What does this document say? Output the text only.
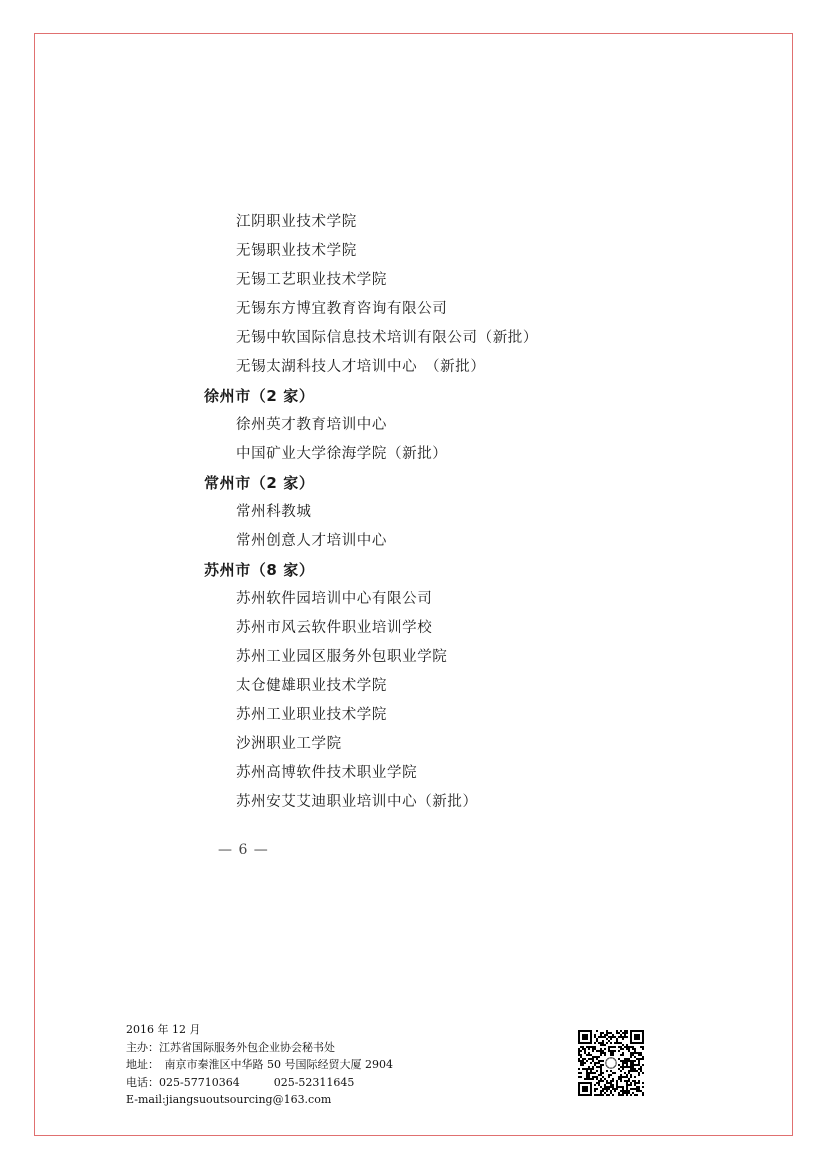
江阴职业技术学院
无锡职业技术学院
无锡工艺职业技术学院
无锡东方博宜教育咨询有限公司
无锡中软国际信息技术培训有限公司（新批）
无锡太湖科技人才培训中心　（新批）
徐州市（2 家）
徐州英才教育培训中心
中国矿业大学徐海学院（新批）
常州市（2 家）
常州科教城
常州创意人才培训中心
苏州市（8 家）
苏州软件园培训中心有限公司
苏州市风云软件职业培训学校
苏州工业园区服务外包职业学院
太仓健雄职业技术学院
苏州工业职业技术学院
沙洲职业工学院
苏州高博软件技术职业学院
苏州安艾艾迪职业培训中心（新批）
— 6 —
2016 年 12 月
主办：江苏省国际服务外包企业协会秘书处
地址：　南京市秦淮区中华路 50 号国际经贸大厦 2904
电话：025-57710364	025-52311645
E-mail:jiangsuoutsourcing@163.com
